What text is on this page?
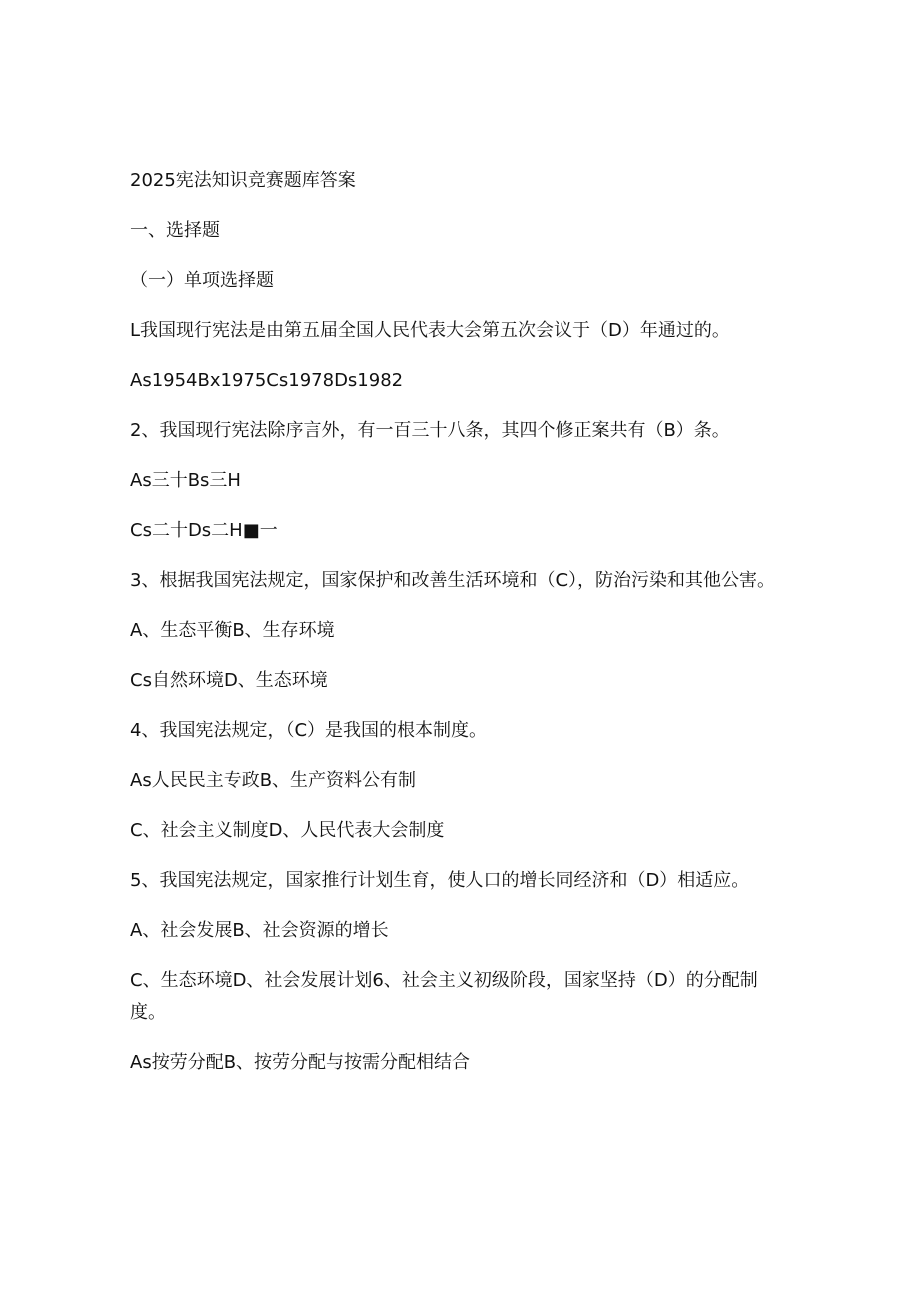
2025宪法知识竞赛题库答案

一、选择题

（一）单项选择题

L我国现行宪法是由第五届全国人民代表大会第五次会议于（D）年通过的。

As1954Bx1975Cs1978Ds1982

2、我国现行宪法除序言外，有一百三十八条，其四个修正案共有（B）条。

As三十Bs三H

Cs二十Ds二H■一

3、根据我国宪法规定，国家保护和改善生活环境和（C），防治污染和其他公害。

A、生态平衡B、生存环境

Cs自然环境D、生态环境

4、我国宪法规定，（C）是我国的根本制度。

As人民民主专政B、生产资料公有制

C、社会主义制度D、人民代表大会制度

5、我国宪法规定，国家推行计划生育，使人口的增长同经济和（D）相适应。

A、社会发展B、社会资源的增长

C、生态环境D、社会发展计划6、社会主义初级阶段，国家坚持（D）的分配制度。

As按劳分配B、按劳分配与按需分配相结合
